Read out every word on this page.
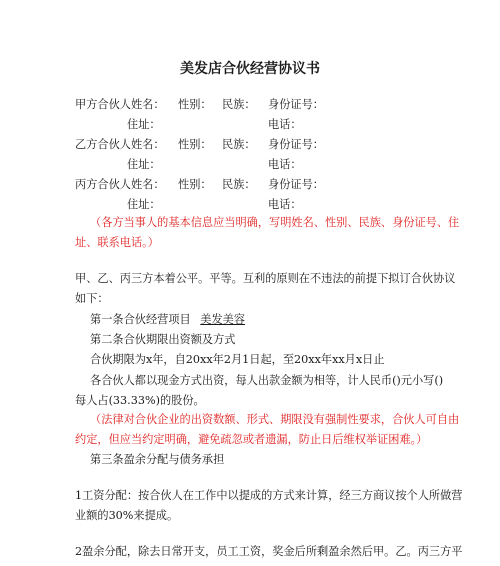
美发店合伙经营协议书
甲方合伙人姓名： 性别： 民族： 身份证号：
住址：	电话：
乙方合伙人姓名： 性别： 民族： 身份证号：
住址：	电话：
丙方合伙人姓名： 性别： 民族： 身份证号：
住址：	电话：
（各方当事人的基本信息应当明确，写明姓名、性别、民族、身份证号、住
址、联系电话。）
甲、乙、丙三方本着公平。平等。互利的原则在不违法的前提下拟订合伙协议
如下：
第一条合伙经营项目 美发美容
第二条合伙期限出资额及方式
合伙期限为x年，自20xx年2月1日起，至20xx年xx月x日止
各合伙人都以现金方式出资，每人出款金额为相等，计人民币()元小写()
每人占(33.33%)的股份。
（法律对合伙企业的出资数额、形式、期限没有强制性要求，合伙人可自由
约定，但应当约定明确，避免疏忽或者遗漏，防止日后维权举证困难。）
第三条盈余分配与债务承担
1工资分配：按合伙人在工作中以提成的方式来计算，经三方商议按个人所做营
业额的30%来提成。
2盈余分配，除去日常开支，员工工资，奖金后所剩盈余然后甲。乙。丙三方平
